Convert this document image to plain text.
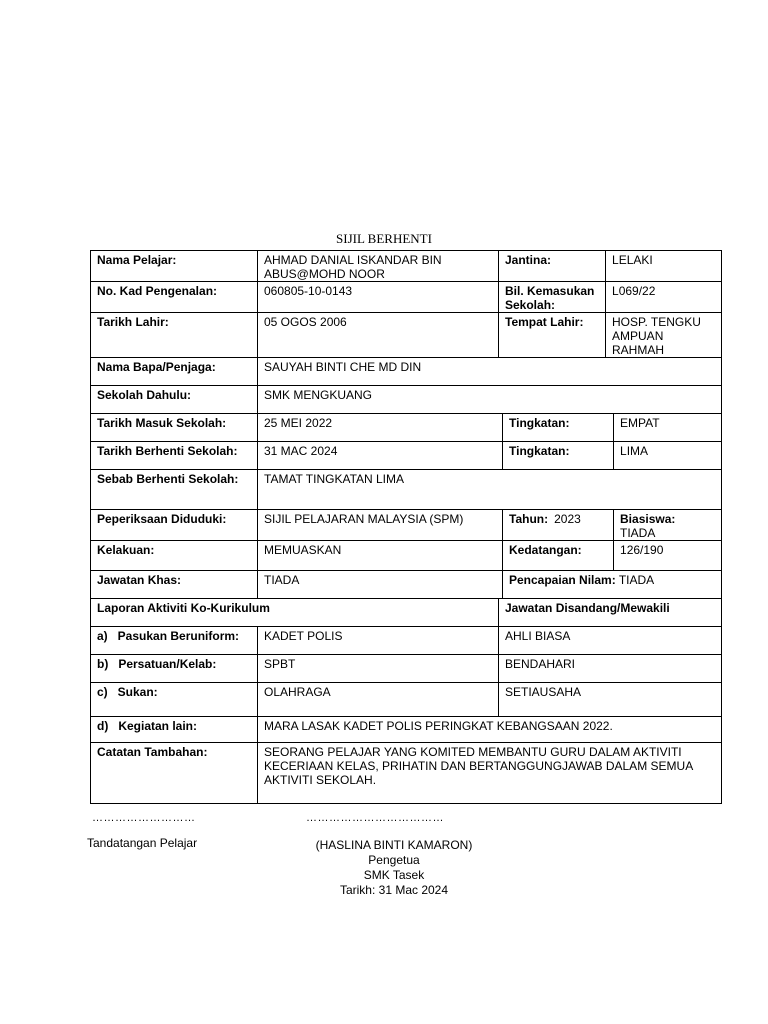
SIJIL BERHENTI
Nama Pelajar:	AHMAD DANIAL ISKANDAR BIN ABUS@MOHD NOOR	Jantina:		LELAKI	
No. Kad Pengenalan:	060805-10-0143	Bil. Kemasukan Sekolah:		L069/22	
Tarikh Lahir:	05 OGOS 2006	Tempat Lahir:		HOSP. TENGKU AMPUAN RAHMAH	
Nama Bapa/Penjaga:	SAUYAH BINTI CHE MD DIN				
Sekolah Dahulu:	SMK MENGKUANG				
Tarikh Masuk Sekolah:	25 MEI 2022		Tingkatan:		EMPAT
Tarikh Berhenti Sekolah:	31 MAC 2024		Tingkatan:		LIMA
Sebab Berhenti Sekolah:	TAMAT TINGKATAN LIMA				
Peperiksaan Diduduki:	SIJIL PELAJARAN MALAYSIA (SPM)		Tahun: 2023		Biasiswa:TIADA
Kelakuan:	MEMUASKAN		Kedatangan:		126/190
Jawatan Khas:	TIADA		Pencapaian Nilam: TIADA		
Laporan Aktiviti Ko-Kurikulum		Jawatan Disandang/Mewakili			
a)   Pasukan Beruniform:	KADET POLIS	AHLI BIASA			
b)   Persatuan/Kelab:	SPBT	BENDAHARI			
c)   Sukan:	OLAHRAGA	SETIAUSAHA			
d)   Kegiatan lain:	MARA LASAK KADET POLIS PERINGKAT KEBANGSAAN 2022.				
Catatan Tambahan:	SEORANG PELAJAR YANG KOMITED MEMBANTU GURU DALAM AKTIVITI KECERIAAN KELAS, PRIHATIN DAN BERTANGGUNGJAWAB DALAM SEMUA AKTIVITI SEKOLAH.				
………………………	………………………………
Tandatangan Pelajar	(HASLINA BINTI KAMARON)
Pengetua
SMK Tasek
Tarikh: 31 Mac 2024
